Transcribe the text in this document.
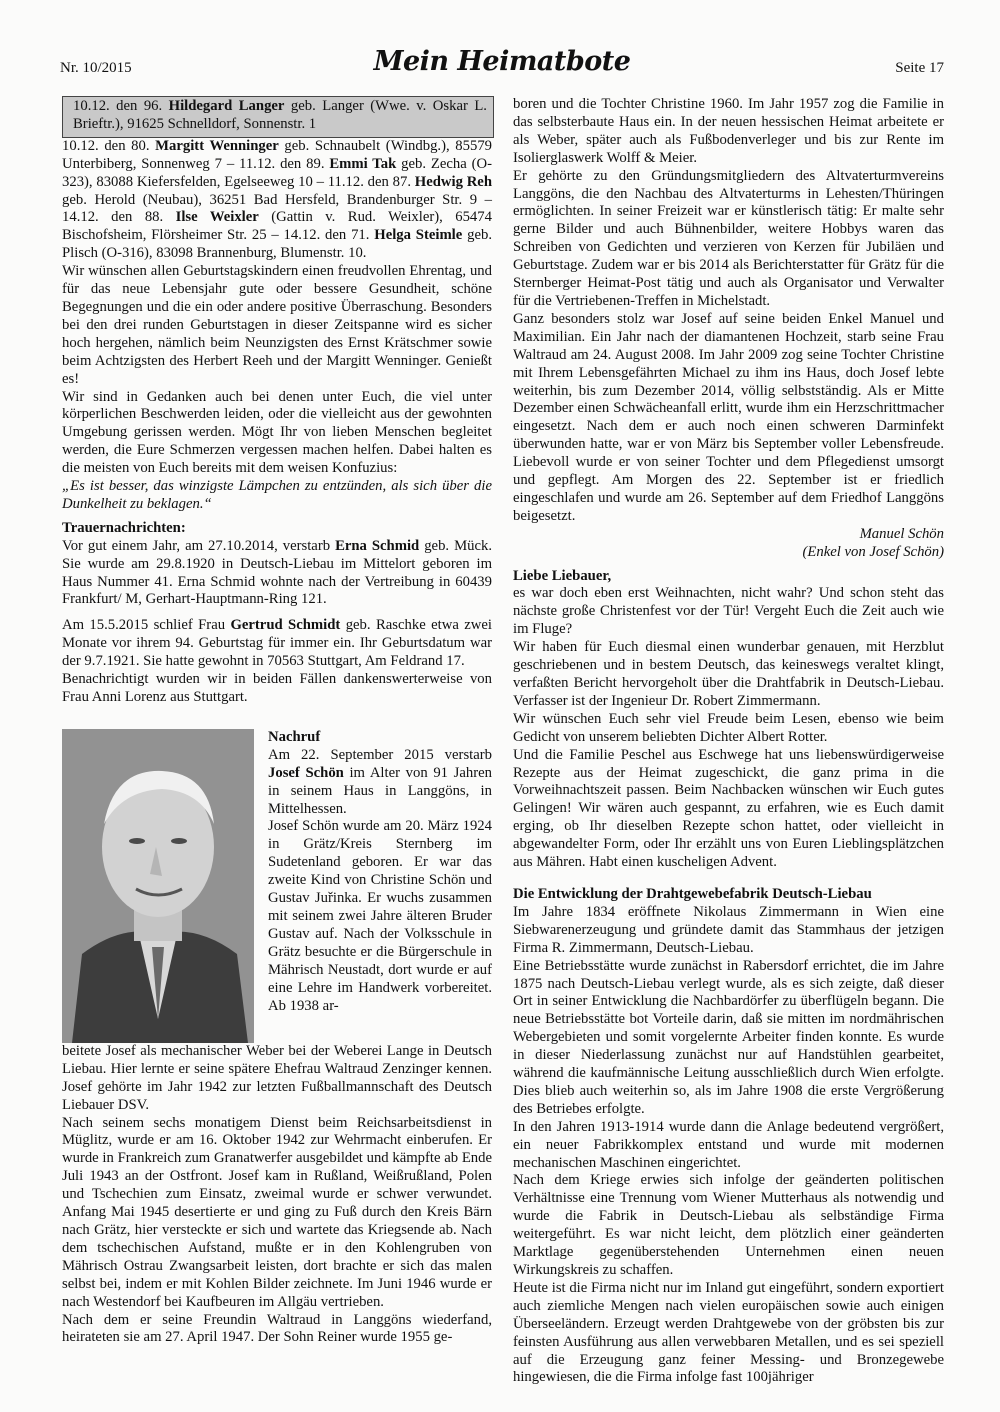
Nr. 10/2015	Mein Heimatbote	Seite 17

10.12. den 96. Hildegard Langer geb. Langer (Wwe. v. Oskar L. Brieftr.), 91625 Schnelldorf, Sonnenstr. 1

10.12. den 80. Margitt Wenninger geb. Schnaubelt (Windbg.), 85579 Unterbiberg, Sonnenweg 7 – 11.12. den 89. Emmi Tak geb. Zecha (O-323), 83088 Kiefersfelden, Egelseeweg 10 – 11.12. den 87. Hedwig Reh geb. Herold (Neubau), 36251 Bad Hersfeld, Brandenburger Str. 9 – 14.12. den 88. Ilse Weixler (Gattin v. Rud. Weixler), 65474 Bischofsheim, Flörsheimer Str. 25 – 14.12. den 71. Helga Steimle geb. Plisch (O-316), 83098 Brannenburg, Blumenstr. 10.

Wir wünschen allen Geburtstagskindern einen freudvollen Ehrentag, und für das neue Lebensjahr gute oder bessere Gesundheit, schöne Begegnungen und die ein oder andere positive Überraschung. Besonders bei den drei runden Geburtstagen in dieser Zeitspanne wird es sicher hoch hergehen, nämlich beim Neunzigsten des Ernst Krätschmer sowie beim Achtzigsten des Herbert Reeh und der Margitt Wenninger. Genießt es!

Wir sind in Gedanken auch bei denen unter Euch, die viel unter körperlichen Beschwerden leiden, oder die vielleicht aus der gewohnten Umgebung gerissen werden. Mögt Ihr von lieben Menschen begleitet werden, die Eure Schmerzen vergessen machen helfen. Dabei halten es die meisten von Euch bereits mit dem weisen Konfuzius:

„Es ist besser, das winzigste Lämpchen zu entzünden, als sich über die Dunkelheit zu beklagen.“

Trauernachrichten:

Vor gut einem Jahr, am 27.10.2014, verstarb Erna Schmid geb. Mück. Sie wurde am 29.8.1920 in Deutsch-Liebau im Mittelort geboren im Haus Nummer 41. Erna Schmid wohnte nach der Vertreibung in 60439 Frankfurt/ M, Gerhart-Hauptmann-Ring 121.

Am 15.5.2015 schlief Frau Gertrud Schmidt geb. Raschke etwa zwei Monate vor ihrem 94. Geburtstag für immer ein. Ihr Geburtsdatum war der 9.7.1921. Sie hatte gewohnt in 70563 Stuttgart, Am Feldrand 17.

Benachrichtigt wurden wir in beiden Fällen dankenswerterweise von Frau Anni Lorenz aus Stuttgart.

Nachruf

Am 22. September 2015 verstarb Josef Schön im Alter von 91 Jahren in seinem Haus in Langgöns, in Mittelhessen.

Josef Schön wurde am 20. März 1924 in Grätz/Kreis Sternberg im Sudetenland geboren. Er war das zweite Kind von Christine Schön und Gustav Juřinka. Er wuchs zusammen mit seinem zwei Jahre älteren Bruder Gustav auf. Nach der Volksschule in Grätz besuchte er die Bürgerschule in Mährisch Neustadt, dort wurde er auf eine Lehre im Handwerk vorbereitet. Ab 1938 ar-

beitete Josef als mechanischer Weber bei der Weberei Lange in Deutsch Liebau. Hier lernte er seine spätere Ehefrau Waltraud Zenzinger kennen. Josef gehörte im Jahr 1942 zur letzten Fußballmannschaft des Deutsch Liebauer DSV.

Nach seinem sechs monatigem Dienst beim Reichsarbeitsdienst in Müglitz, wurde er am 16. Oktober 1942 zur Wehrmacht einberufen. Er wurde in Frankreich zum Granatwerfer ausgebildet und kämpfte ab Ende Juli 1943 an der Ostfront. Josef kam in Rußland, Weißrußland, Polen und Tschechien zum Einsatz, zweimal wurde er schwer verwundet. Anfang Mai 1945 desertierte er und ging zu Fuß durch den Kreis Bärn nach Grätz, hier versteckte er sich und wartete das Kriegsende ab. Nach dem tschechischen Aufstand, mußte er in den Kohlengruben von Mährisch Ostrau Zwangsarbeit leisten, dort brachte er sich das malen selbst bei, indem er mit Kohlen Bilder zeichnete. Im Juni 1946 wurde er nach Westendorf bei Kaufbeuren im Allgäu vertrieben.

Nach dem er seine Freundin Waltraud in Langgöns wiederfand, heirateten sie am 27. April 1947. Der Sohn Reiner wurde 1955 ge-

boren und die Tochter Christine 1960. Im Jahr 1957 zog die Familie in das selbsterbaute Haus ein. In der neuen hessischen Heimat arbeitete er als Weber, später auch als Fußbodenverleger und bis zur Rente im Isolierglaswerk Wolff & Meier.

Er gehörte zu den Gründungsmitgliedern des Altvaterturmvereins Langgöns, die den Nachbau des Altvaterturms in Lehesten/Thüringen ermöglichten. In seiner Freizeit war er künstlerisch tätig: Er malte sehr gerne Bilder und auch Bühnenbilder, weitere Hobbys waren das Schreiben von Gedichten und verzieren von Kerzen für Jubiläen und Geburtstage. Zudem war er bis 2014 als Berichterstatter für Grätz für die Sternberger Heimat-Post tätig und auch als Organisator und Verwalter für die Vertriebenen-Treffen in Michelstadt.

Ganz besonders stolz war Josef auf seine beiden Enkel Manuel und Maximilian. Ein Jahr nach der diamantenen Hochzeit, starb seine Frau Waltraud am 24. August 2008. Im Jahr 2009 zog seine Tochter Christine mit Ihrem Lebensgefährten Michael zu ihm ins Haus, doch Josef lebte weiterhin, bis zum Dezember 2014, völlig selbstständig. Als er Mitte Dezember einen Schwächeanfall erlitt, wurde ihm ein Herzschrittmacher eingesetzt. Nach dem er auch noch einen schweren Darminfekt überwunden hatte, war er von März bis September voller Lebensfreude. Liebevoll wurde er von seiner Tochter und dem Pflegedienst umsorgt und gepflegt. Am Morgen des 22. September ist er friedlich eingeschlafen und wurde am 26. September auf dem Friedhof Langgöns beigesetzt.

Manuel Schön

(Enkel von Josef Schön)

Liebe Liebauer,

es war doch eben erst Weihnachten, nicht wahr? Und schon steht das nächste große Christenfest vor der Tür! Vergeht Euch die Zeit auch wie im Fluge?

Wir haben für Euch diesmal einen wunderbar genauen, mit Herzblut geschriebenen und in bestem Deutsch, das keineswegs veraltet klingt, verfaßten Bericht hervorgeholt über die Drahtfabrik in Deutsch-Liebau. Verfasser ist der Ingenieur Dr. Robert Zimmermann.

Wir wünschen Euch sehr viel Freude beim Lesen, ebenso wie beim Gedicht von unserem beliebten Dichter Albert Rotter.

Und die Familie Peschel aus Eschwege hat uns liebenswürdigerweise Rezepte aus der Heimat zugeschickt, die ganz prima in die Vorweihnachtszeit passen. Beim Nachbacken wünschen wir Euch gutes Gelingen! Wir wären auch gespannt, zu erfahren, wie es Euch damit erging, ob Ihr dieselben Rezepte schon hattet, oder vielleicht in abgewandelter Form, oder Ihr erzählt uns von Euren Lieblingsplätzchen aus Mähren. Habt einen kuscheligen Advent.

Die Entwicklung der Drahtgewebefabrik Deutsch-Liebau

Im Jahre 1834 eröffnete Nikolaus Zimmermann in Wien eine Siebwarenerzeugung und gründete damit das Stammhaus der jetzigen Firma R. Zimmermann, Deutsch-Liebau.

Eine Betriebsstätte wurde zunächst in Rabersdorf errichtet, die im Jahre 1875 nach Deutsch-Liebau verlegt wurde, als es sich zeigte, daß dieser Ort in seiner Entwicklung die Nachbardörfer zu überflügeln begann. Die neue Betriebsstätte bot Vorteile darin, daß sie mitten im nordmährischen Webergebieten und somit vorgelernte Arbeiter finden konnte. Es wurde in dieser Niederlassung zunächst nur auf Handstühlen gearbeitet, während die kaufmännische Leitung ausschließlich durch Wien erfolgte. Dies blieb auch weiterhin so, als im Jahre 1908 die erste Vergrößerung des Betriebes erfolgte.

In den Jahren 1913-1914 wurde dann die Anlage bedeutend vergrößert, ein neuer Fabrikkomplex entstand und wurde mit modernen mechanischen Maschinen eingerichtet.

Nach dem Kriege erwies sich infolge der geänderten politischen Verhältnisse eine Trennung vom Wiener Mutterhaus als notwendig und wurde die Fabrik in Deutsch-Liebau als selbständige Firma weitergeführt. Es war nicht leicht, dem plötzlich einer geänderten Marktlage gegenüberstehenden Unternehmen einen neuen Wirkungskreis zu schaffen.

Heute ist die Firma nicht nur im Inland gut eingeführt, sondern exportiert auch ziemliche Mengen nach vielen europäischen sowie auch einigen Überseeländern. Erzeugt werden Drahtgewebe von der gröbsten bis zur feinsten Ausführung aus allen verwebbaren Metallen, und es sei speziell auf die Erzeugung ganz feiner Messing- und Bronzegewebe hingewiesen, die die Firma infolge fast 100jähriger
